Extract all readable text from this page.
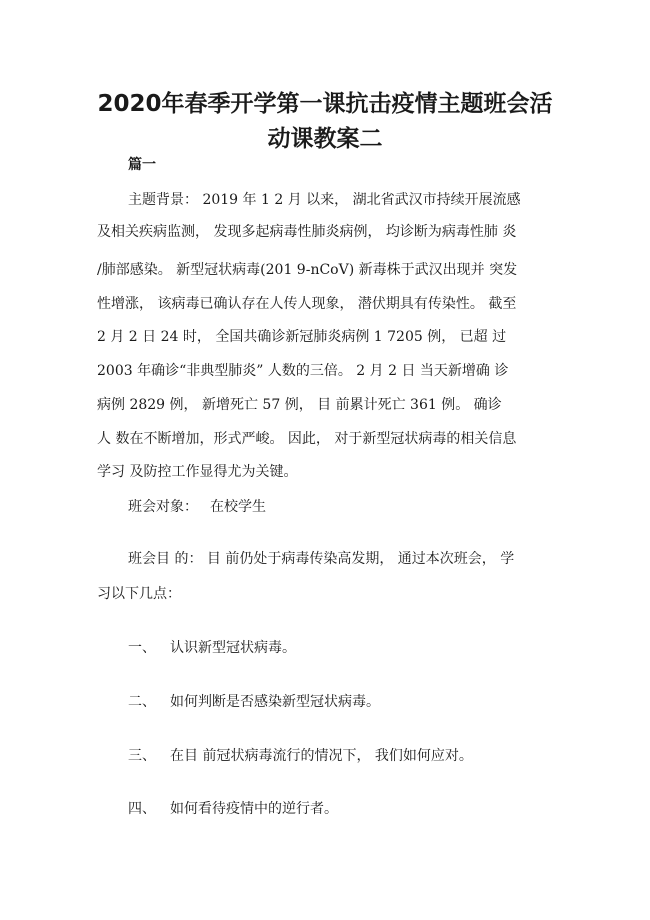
2020年春季开学第一课抗击疫情主题班会活
动课教案二
篇一

主题背景： 2019 年 1 2 月 以来， 湖北省武汉市持续开展流感

及相关疾病监测， 发现多起病毒性肺炎病例， 均诊断为病毒性肺 炎

/肺部感染。 新型冠状病毒(201 9-nCoV) 新毒株于武汉出现并 突发

性增涨， 该病毒已确认存在人传人现象， 潜伏期具有传染性。 截至

2 月 2 日 24 时， 全国共确诊新冠肺炎病例 1 7205 例， 已超 过

2003 年确诊“非典型肺炎” 人数的三倍。 2 月 2 日 当天新增确 诊

病例 2829 例， 新增死亡 57 例， 目 前累计死亡 361 例。 确诊

人 数在不断增加，形式严峻。 因此， 对于新型冠状病毒的相关信息

学习 及防控工作显得尤为关键。

班会对象： 在校学生

班会目 的： 目 前仍处于病毒传染高发期， 通过本次班会， 学

习以下几点：

一、 认识新型冠状病毒。
二、 如何判断是否感染新型冠状病毒。
三、 在目 前冠状病毒流行的情况下， 我们如何应对。
四、 如何看待疫情中的逆行者。
